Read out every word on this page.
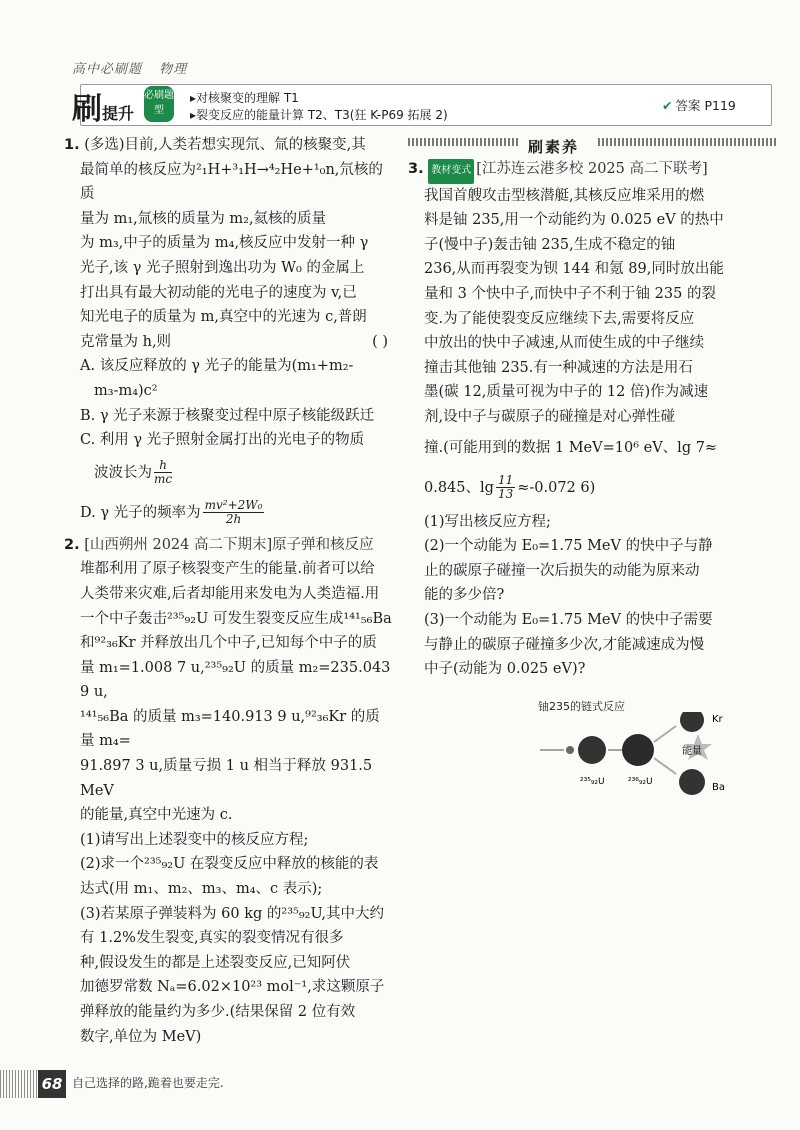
高中必刷题 物理
刷提升
必刷题型
▸对核聚变的理解 T1
▸裂变反应的能量计算 T2、T3(狂 K-P69 拓展 2)
✔ 答案 P119
刷素养

1. (多选)目前,人类若想实现氘、氚的核聚变,其

最简单的核反应为²₁H+³₁H→⁴₂He+¹₀n,氘核的质

量为 m₁,氚核的质量为 m₂,氦核的质量

为 m₃,中子的质量为 m₄,核反应中发射一种 γ

光子,该 γ 光子照射到逸出功为 W₀ 的金属上

打出具有最大初动能的光电子的速度为 v,已

知光电子的质量为 m,真空中的光速为 c,普朗

克常量为 h,则	( )

A. 该反应释放的 γ 光子的能量为(m₁+m₂-

m₃-m₄)c²

B. γ 光子来源于核聚变过程中原子核能级跃迁

C. 利用 γ 光子照射金属打出的光电子的物质

波波长为 $\frac{h}{mc}$

D. γ 光子的频率为 $\frac{\text{mv²+2W₀}}{2h}$

2. [山西朔州 2024 高二下期末]原子弹和核反应

堆都利用了原子核裂变产生的能量.前者可以给

人类带来灾难,后者却能用来发电为人类造福.用

一个中子轰击²³⁵₉₂U 可发生裂变反应生成¹⁴¹₅₆Ba

和⁹²₃₆Kr 并释放出几个中子,已知每个中子的质

量 m₁=1.008 7 u,²³⁵₉₂U 的质量 m₂=235.043 9 u,

¹⁴¹₅₆Ba 的质量 m₃=140.913 9 u,⁹²₃₆Kr 的质量 m₄=

91.897 3 u,质量亏损 1 u 相当于释放 931.5 MeV

的能量,真空中光速为 c.

(1)请写出上述裂变中的核反应方程;

(2)求一个²³⁵₉₂U 在裂变反应中释放的核能的表

达式(用 m₁、m₂、m₃、m₄、c 表示);

(3)若某原子弹装料为 60 kg 的²³⁵₉₂U,其中大约

有 1.2%发生裂变,真实的裂变情况有很多

种,假设发生的都是上述裂变反应,已知阿伏

加德罗常数 Nₐ=6.02×10²³ mol⁻¹,求这颗原子

弹释放的能量约为多少.(结果保留 2 位有效

数字,单位为 MeV)

3. 教材变式 [江苏连云港多校 2025 高二下联考]

我国首艘攻击型核潜艇,其核反应堆采用的燃

料是铀 235,用一个动能约为 0.025 eV 的热中

子(慢中子)轰击铀 235,生成不稳定的铀

236,从而再裂变为钡 144 和氪 89,同时放出能

量和 3 个快中子,而快中子不利于铀 235 的裂

变.为了能使裂变反应继续下去,需要将反应

中放出的快中子减速,从而使生成的中子继续

撞击其他铀 235.有一种减速的方法是用石

墨(碳 12,质量可视为中子的 12 倍)作为减速

剂,设中子与碳原子的碰撞是对心弹性碰

撞.(可能用到的数据 1 MeV=10⁶ eV、lg 7≈

0.845、$\lg \frac{11}{13} \approx-0.072$ 6)

(1)写出核反应方程;

(2)一个动能为 E₀=1.75 MeV 的快中子与静

止的碳原子碰撞一次后损失的动能为原来动

能的多少倍?

(3)一个动能为 E₀=1.75 MeV 的快中子需要

与静止的碳原子碰撞多少次,才能减速成为慢

中子(动能为 0.025 eV)?

铀235的链式反应
²³⁵₉₂U	²³⁶₉₂U
能量
Kr
Ba
68 自己选择的路,跪着也要走完.
